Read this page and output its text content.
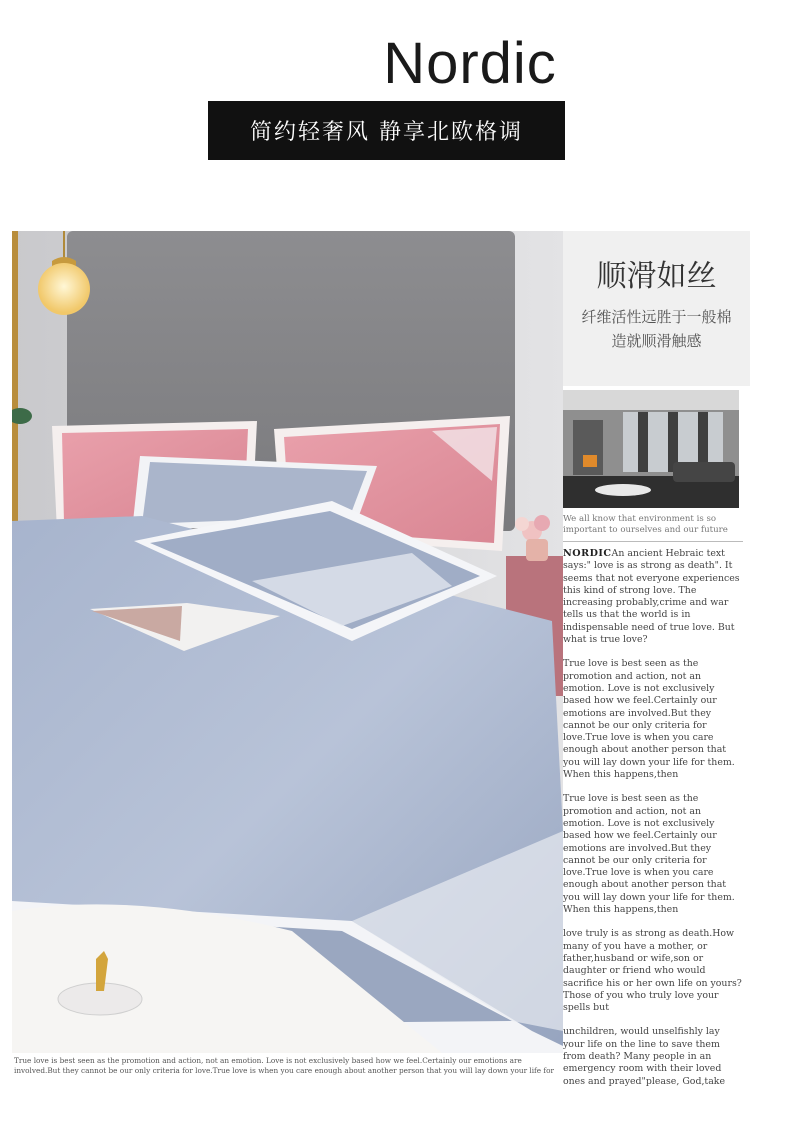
Nordic
简约轻奢风 静享北欧格调
顺滑如丝
纤维活性远胜于一般棉
造就顺滑触感
We all know that environment is so important to ourselves and our future

NORDICAn ancient Hebraic text says:" love is as strong as death". It seems that not everyone experiences this kind of strong love. The increasing probably,crime and war tells us that the world is in indispensable need of true love. But what is true love?

True love is best seen as the promotion and action, not an emotion. Love is not exclusively based how we feel.Certainly our emotions are involved.But they cannot be our only criteria for love.True love is when you care enough about another person that you will lay down your life for them. When this happens,then

True love is best seen as the promotion and action, not an emotion. Love is not exclusively based how we feel.Certainly our emotions are involved.But they cannot be our only criteria for love.True love is when you care enough about another person that you will lay down your life for them. When this happens,then

love truly is as strong as death.How many of you have a mother, or father,husband or wife,son or daughter or friend who would sacrifice his or her own life on yours? Those of you who truly love your spells but

unchildren, would unselfishly lay your life on the line to save them from death? Many people in an emergency room with their loved ones and prayed"please, God,take

True love is best seen as the promotion and action, not an emotion. Love is not exclusively based how we feel.Certainly our emotions are involved.But they cannot be our only criteria for love.True love is when you care enough about another person that you will lay down your life for
